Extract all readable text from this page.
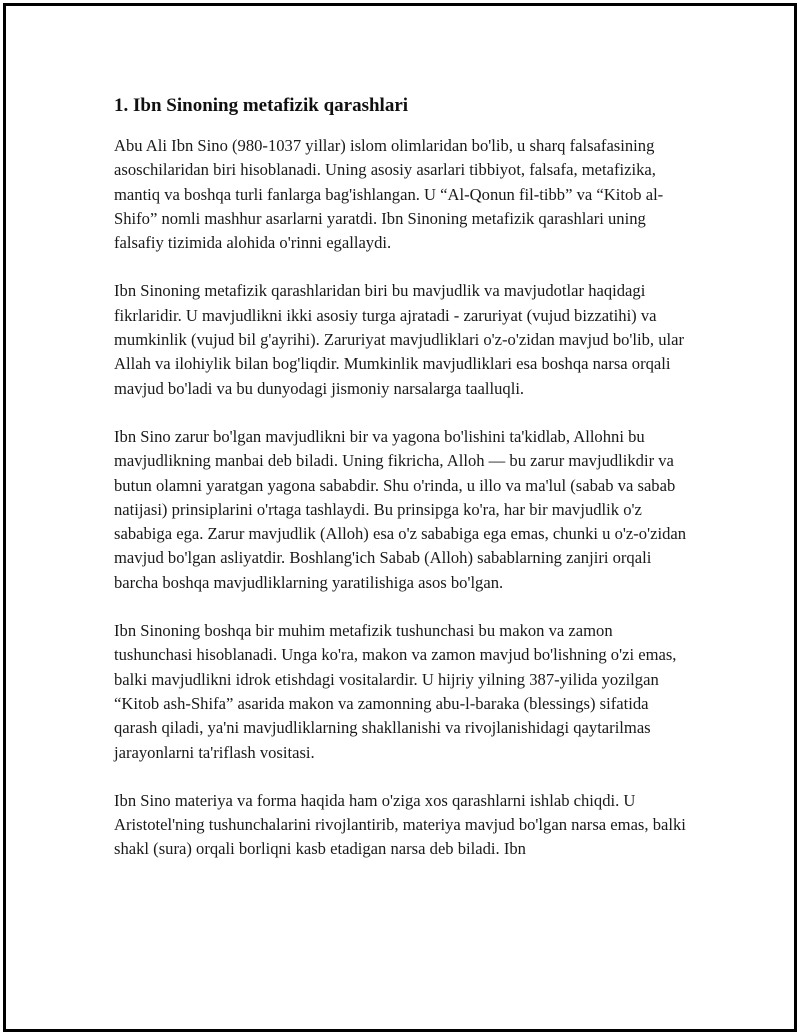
1. Ibn Sinoning metafizik qarashlari

Abu Ali Ibn Sino (980-1037 yillar) islom olimlaridan bo'lib, u sharq falsafasining asoschilaridan biri hisoblanadi. Uning asosiy asarlari tibbiyot, falsafa, metafizika, mantiq va boshqa turli fanlarga bag'ishlangan. U “Al-Qonun fil-tibb” va “Kitob al-Shifo” nomli mashhur asarlarni yaratdi. Ibn Sinoning metafizik qarashlari uning falsafiy tizimida alohida o'rinni egallaydi.

Ibn Sinoning metafizik qarashlaridan biri bu mavjudlik va mavjudotlar haqidagi fikrlaridir. U mavjudlikni ikki asosiy turga ajratadi - zaruriyat (vujud bizzatihi) va mumkinlik (vujud bil g'ayrihi). Zaruriyat mavjudliklari o'z-o'zidan mavjud bo'lib, ular Allah va ilohiylik bilan bog'liqdir. Mumkinlik mavjudliklari esa boshqa narsa orqali mavjud bo'ladi va bu dunyodagi jismoniy narsalarga taalluqli.

Ibn Sino zarur bo'lgan mavjudlikni bir va yagona bo'lishini ta'kidlab, Allohni bu mavjudlikning manbai deb biladi. Uning fikricha, Alloh — bu zarur mavjudlikdir va butun olamni yaratgan yagona sababdir. Shu o'rinda, u illo va ma'lul (sabab va sabab natijasi) prinsiplarini o'rtaga tashlaydi. Bu prinsipga ko'ra, har bir mavjudlik o'z sababiga ega. Zarur mavjudlik (Alloh) esa o'z sababiga ega emas, chunki u o'z-o'zidan mavjud bo'lgan asliyatdir. Boshlang'ich Sabab (Alloh) sabablarning zanjiri orqali barcha boshqa mavjudliklarning yaratilishiga asos bo'lgan.

Ibn Sinoning boshqa bir muhim metafizik tushunchasi bu makon va zamon tushunchasi hisoblanadi. Unga ko'ra, makon va zamon mavjud bo'lishning o'zi emas, balki mavjudlikni idrok etishdagi vositalardir. U hijriy yilning 387-yilida yozilgan “Kitob ash-Shifa” asarida makon va zamonning abu-l-baraka (blessings) sifatida qarash qiladi, ya'ni mavjudliklarning shakllanishi va rivojlanishidagi qaytarilmas jarayonlarni ta'riflash vositasi.

Ibn Sino materiya va forma haqida ham o'ziga xos qarashlarni ishlab chiqdi. U Aristotel'ning tushunchalarini rivojlantirib, materiya mavjud bo'lgan narsa emas, balki shakl (sura) orqali borliqni kasb etadigan narsa deb biladi. Ibn
